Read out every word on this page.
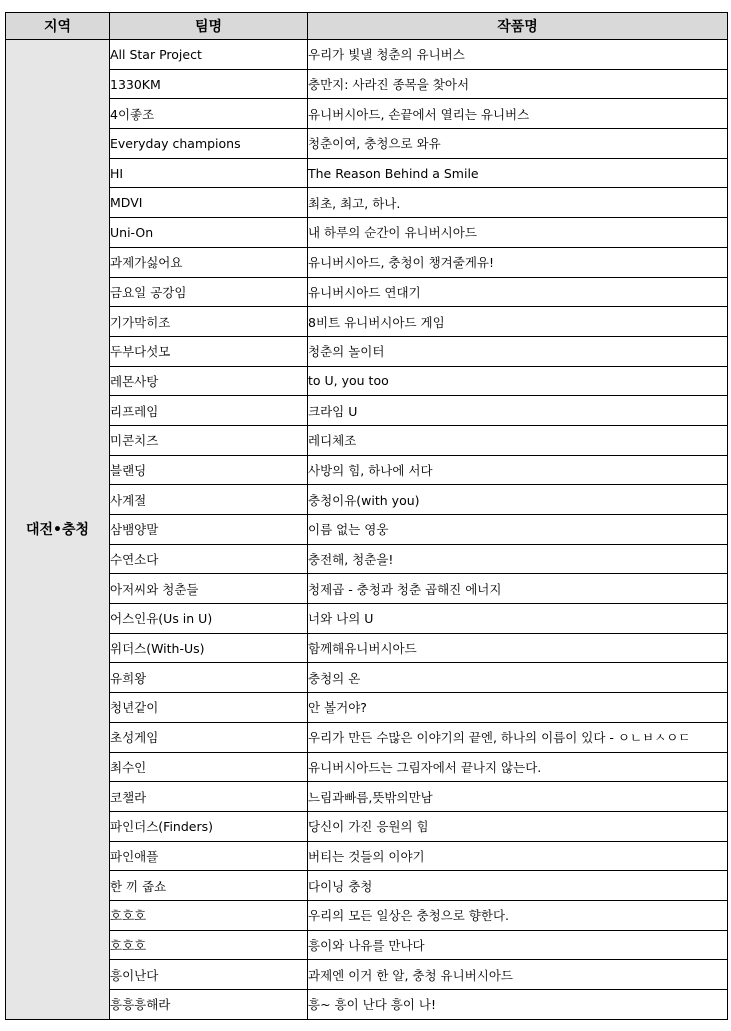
지역	팀명	작품명
대전•충청	All Star Project	우리가 빛낼 청춘의 유니버스
	1330KM	충만지: 사라진 종목을 찾아서
	4이좋조	유니버시아드, 손끝에서 열리는 유니버스
	Everyday champions	청춘이여, 충청으로 와유
	HI	The Reason Behind a Smile
	MDVI	최초, 최고, 하나.
	Uni-On	내 하루의 순간이 유니버시아드
	과제가싫어요	유니버시아드, 충청이 챙겨줄게유!
	금요일 공강임	유니버시아드 연대기
	기가막히조	8비트 유니버시아드 게임
	두부다섯모	청춘의 놀이터
	레몬사탕	to U, you too
	리프레임	크라임 U
	미콘치즈	레디체조
	블랜딩	사방의 힘, 하나에 서다
	사계절	충청이유(with you)
	삼뱀양말	이름 없는 영웅
	수연소다	충전해, 청춘을!
	아저씨와 청춘들	청제곱 - 충청과 청춘 곱해진 에너지
	어스인유(Us in U)	너와 나의 U
	위더스(With-Us)	함께해유니버시아드
	유희왕	충청의 온
	청년같이	안 볼거야?
	초성게임	우리가 만든 수많은 이야기의 끝엔, 하나의 이름이 있다 - ㅇㄴㅂㅅㅇㄷ
	최수인	유니버시아드는 그림자에서 끝나지 않는다.
	코챌라	느림과빠름,뜻밖의만남
	파인더스(Finders)	당신이 가진 응원의 힘
	파인애플	버티는 것들의 이야기
	한 끼 줍쇼	다이닝 충청
	호호호	우리의 모든 일상은 충청으로 향한다.
	호호호	흥이와 나유를 만나다
	흥이난다	과제엔 이거 한 알, 충청 유니버시아드
	흥흥흥해라	흥~ 흥이 난다 흥이 나!
